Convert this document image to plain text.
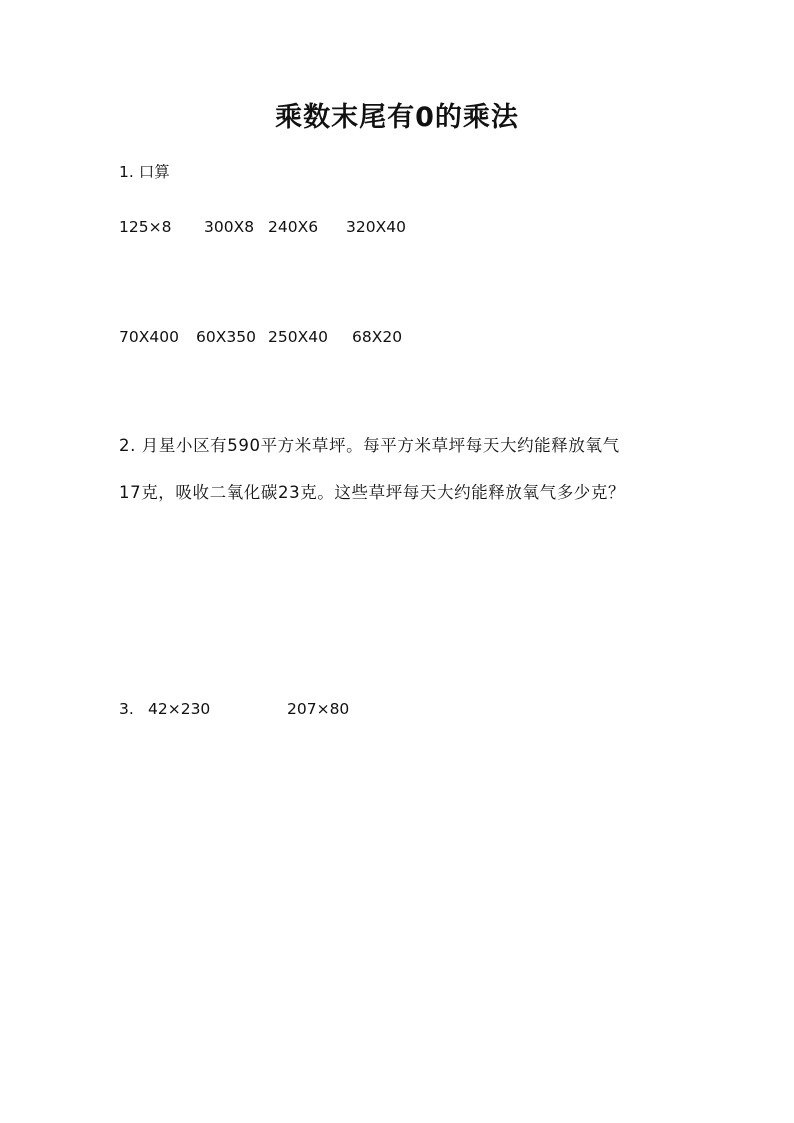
乘数末尾有0的乘法
1. 口算
125×8 300X8 240X6 320X40
70X400 60X350 250X40 68X20
2. 月星小区有590平方米草坪。每平方米草坪每天大约能释放氧气
17克，吸收二氧化碳23克。这些草坪每天大约能释放氧气多少克？
3. 42×230	207×80
